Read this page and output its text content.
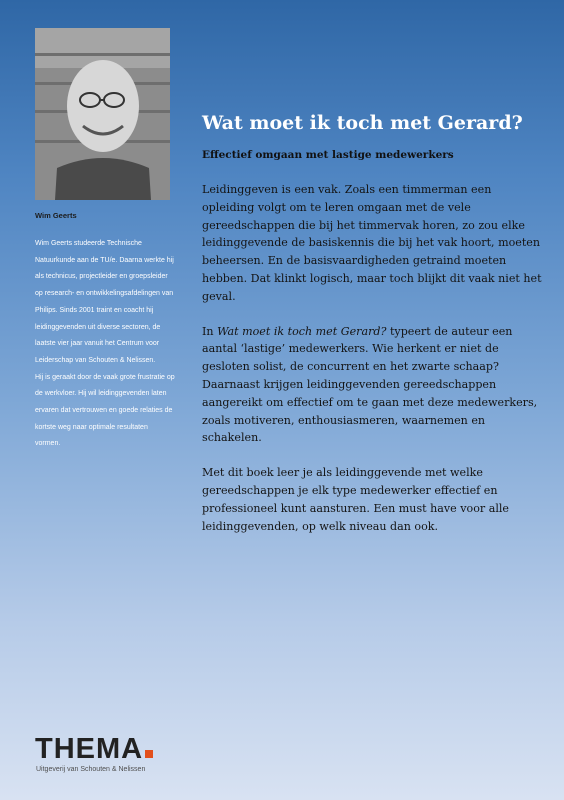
Wim Geerts

Wim Geerts studeerde Technische Natuurkunde aan de TU/e. Daarna werkte hij als technicus, projectleider en groepsleider op research- en ontwikkelingsafdelingen van Philips. Sinds 2001 traint en coacht hij leidinggevenden uit diverse sectoren, de laatste vier jaar vanuit het Centrum voor Leiderschap van Schouten & Nelissen.

Hij is geraakt door de vaak grote frustratie op de werkvloer. Hij wil leidinggevenden laten ervaren dat vertrouwen en goede relaties de kortste weg naar optimale resultaten vormen.

Wat moet ik toch met Gerard?
Effectief omgaan met lastige medewerkers

Leidinggeven is een vak. Zoals een timmerman een opleiding volgt om te leren omgaan met de vele gereedschappen die bij het timmervak horen, zo zou elke leidinggevende de basiskennis die bij het vak hoort, moeten beheersen. En de basisvaardigheden getraind moeten hebben. Dat klinkt logisch, maar toch blijkt dit vaak niet het geval.

In Wat moet ik toch met Gerard? typeert de auteur een aantal ‘lastige’ medewerkers. Wie herkent er niet de gesloten solist, de concurrent en het zwarte schaap? Daarnaast krijgen leidinggevenden gereedschappen aangereikt om effectief om te gaan met deze medewerkers, zoals motiveren, enthousiasmeren, waarnemen en schakelen.

Met dit boek leer je als leidinggevende met welke gereedschappen je elk type medewerker effectief en professioneel kunt aansturen. Een must have voor alle leidinggevenden, op welk niveau dan ook.

THEMA
Uitgeverij van Schouten & Nelissen
